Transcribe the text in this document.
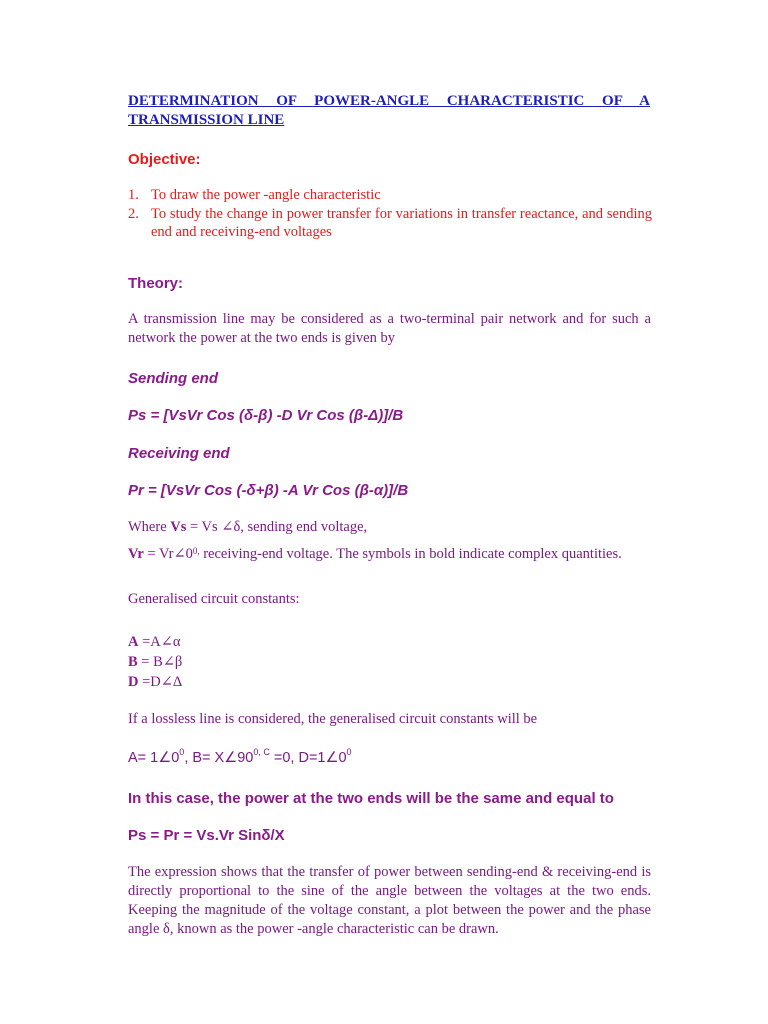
DETERMINATION OF POWER-ANGLE CHARACTERISTIC OF A
TRANSMISSION LINE
Objective:
1. To draw the power -angle characteristic
2. To study the change in power transfer for variations in transfer reactance, and sending end and receiving-end voltages
Theory:
A transmission line may be considered as a two-terminal pair network and for such a network the power at the two ends is given by
Sending end
Ps = [VsVr Cos (δ-β) -D Vr Cos (β-Δ)]/B
Receiving end
Pr = [VsVr Cos (-δ+β) -A Vr Cos (β-α)]/B
Where Vs = Vs ∠δ, sending end voltage,
$Vr = Vr\angle 0^{0,}$ receiving-end voltage. The symbols in bold indicate complex quantities.
Generalised circuit constants:
A =A∠α
B = B∠β
D =D∠Δ
If a lossless line is considered, the generalised circuit constants will be
$A= 1\angle 0^0$, $B= X\angle 90^{0, C} =0$, $D=1\angle 0^0$
In this case, the power at the two ends will be the same and equal to
Ps = Pr = Vs.Vr Sinδ/X
The expression shows that the transfer of power between sending-end & receiving-end is directly proportional to the sine of the angle between the voltages at the two ends. Keeping the magnitude of the voltage constant, a plot between the power and the phase angle δ, known as the power -angle characteristic can be drawn.
